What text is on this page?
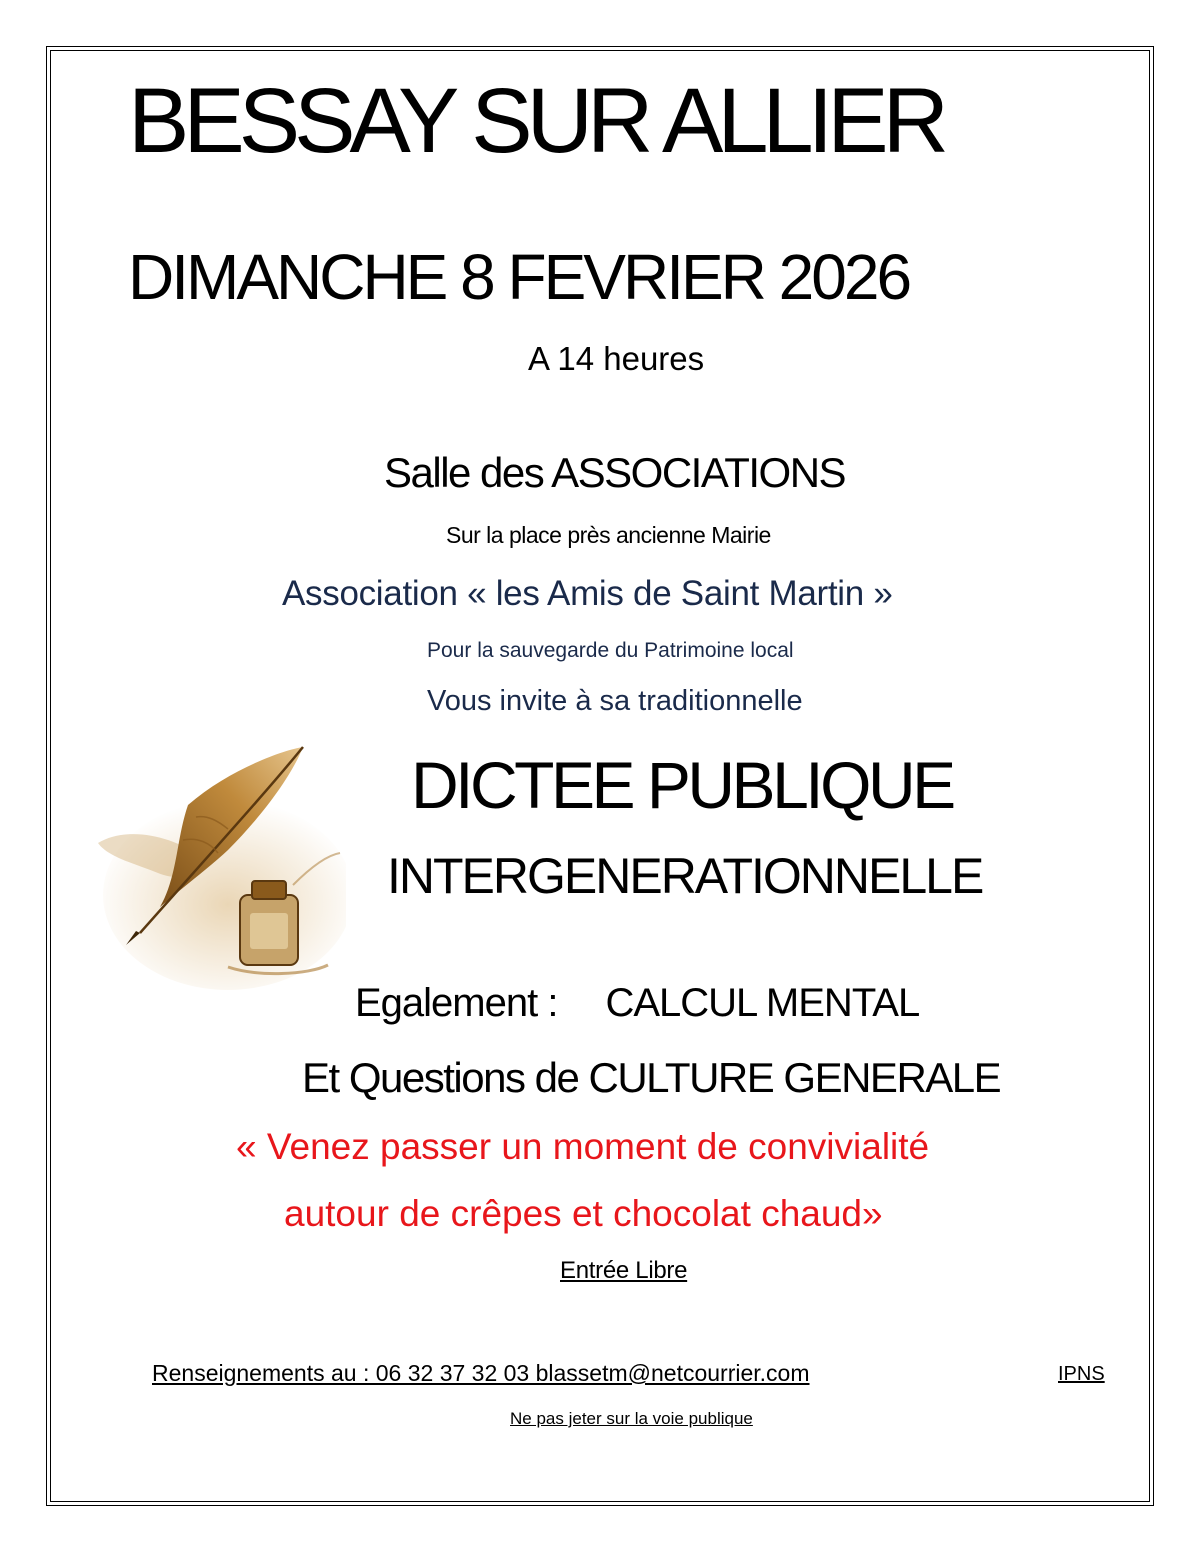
BESSAY SUR ALLIER

DIMANCHE 8 FEVRIER 2026

A 14 heures

Salle des ASSOCIATIONS

Sur la place près ancienne Mairie

Association « les Amis de Saint Martin »

Pour la sauvegarde du Patrimoine local

Vous invite à sa traditionnelle

DICTEE PUBLIQUE

INTERGENERATIONNELLE

Egalement : CALCUL MENTAL

Et Questions de CULTURE GENERALE

« Venez passer un moment de convivialité

autour de crêpes et chocolat chaud»

Entrée Libre

Renseignements au : 06 32 37 32 03 blassetm@netcourrier.com	IPNS

Ne pas jeter sur la voie publique
